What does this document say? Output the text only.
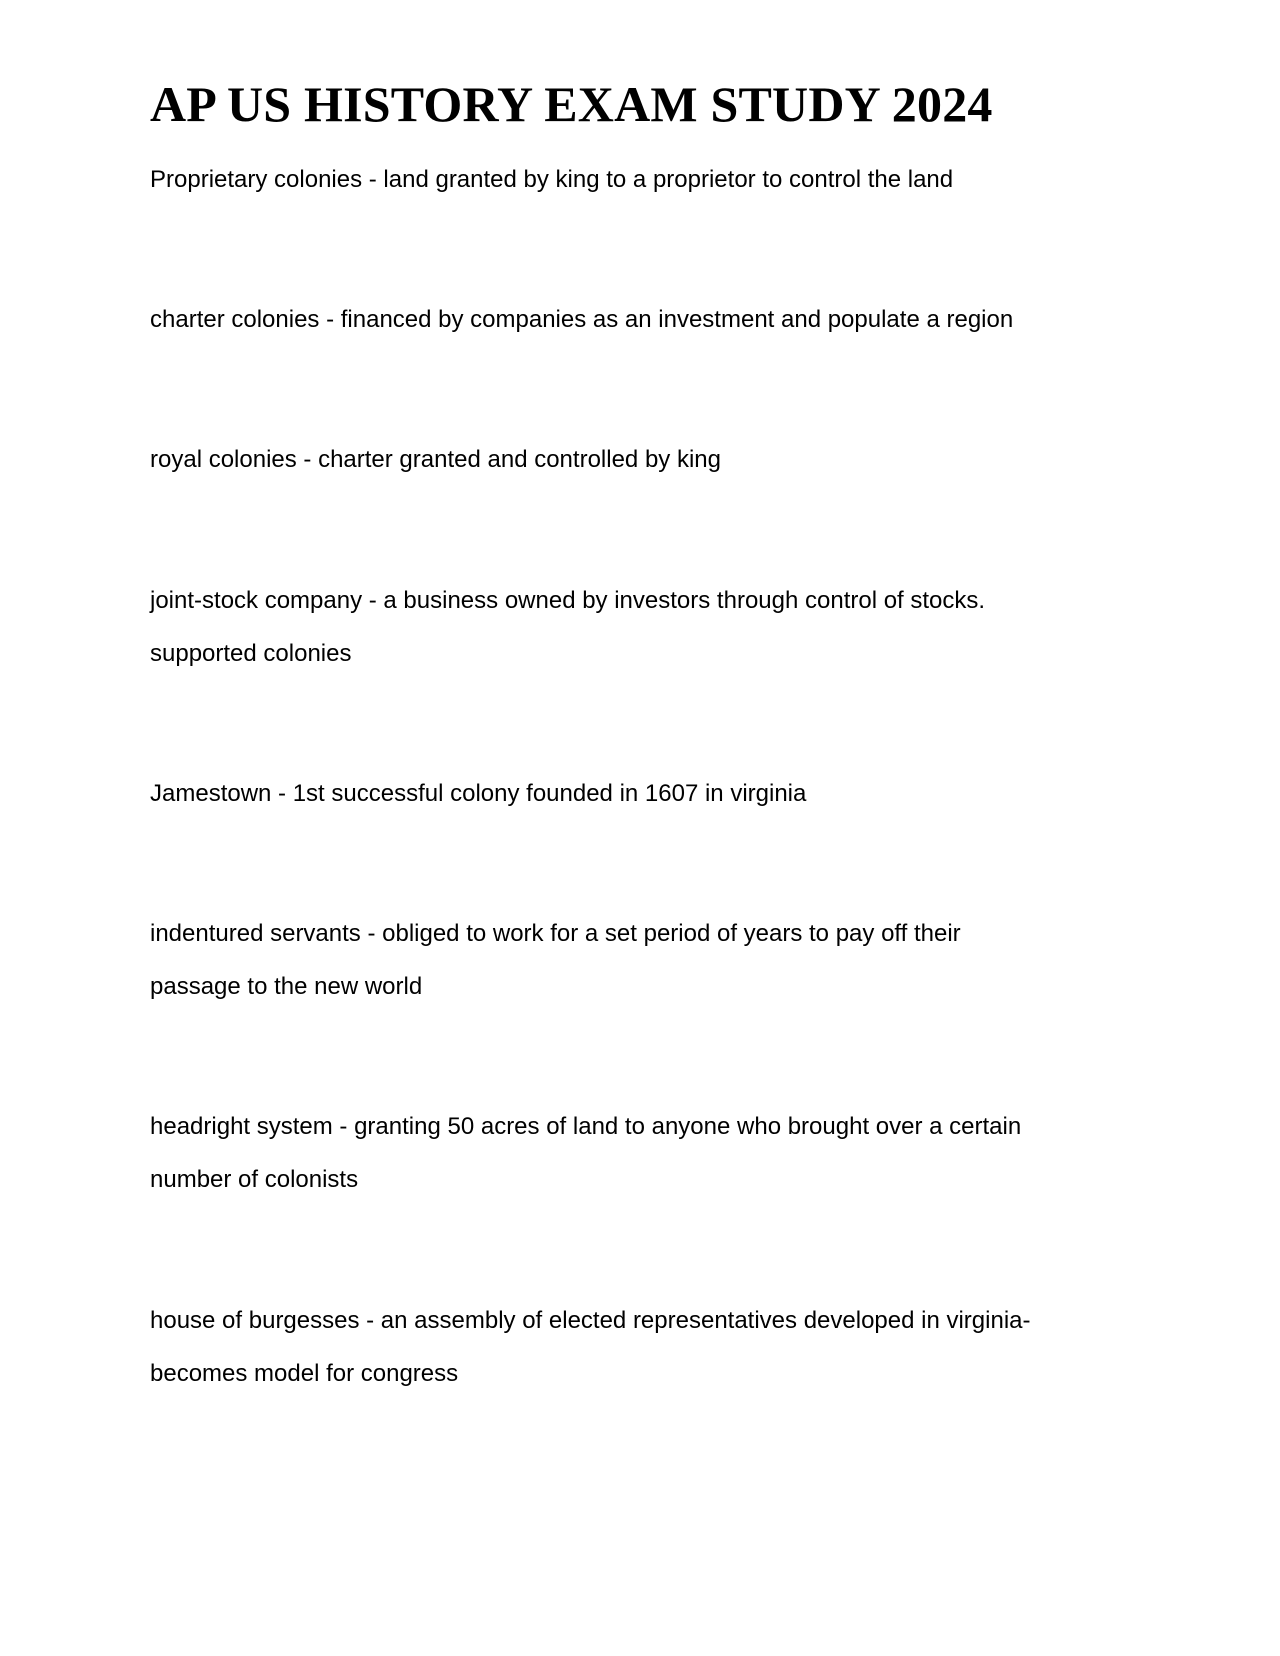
AP US HISTORY EXAM STUDY 2024

Proprietary colonies - land granted by king to a proprietor to control the land

charter colonies - financed by companies as an investment and populate a region

royal colonies - charter granted and controlled by king

joint-stock company - a business owned by investors through control of stocks.
supported colonies

Jamestown - 1st successful colony founded in 1607 in virginia

indentured servants - obliged to work for a set period of years to pay off their
passage to the new world

headright system - granting 50 acres of land to anyone who brought over a certain
number of colonists

house of burgesses - an assembly of elected representatives developed in virginia-
becomes model for congress
